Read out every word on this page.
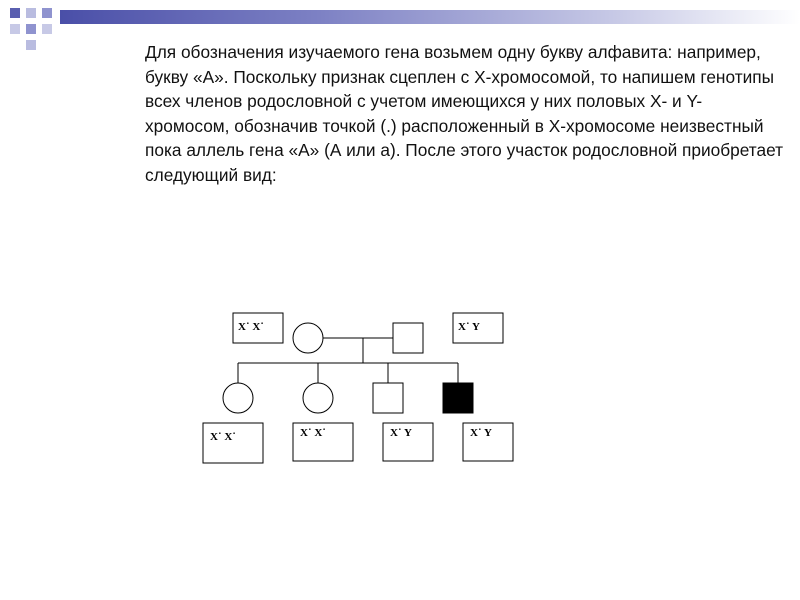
Для обозначения изучаемого гена возьмем одну букву алфавита: например, букву «А». Поскольку признак сцеплен с Х-хромосомой, то напишем генотипы всех членов родословной с учетом имеющихся у них половых Х- и Y-хромосом, обозначив точкой (.) расположенный в Х-хромосоме неизвестный пока аллель гена «А» (А или а). После этого участок родословной приобретает следующий вид:

X˙ X˙	X˙ Y
X˙ X˙	X˙ X˙	X˙ Y	X˙ Y
